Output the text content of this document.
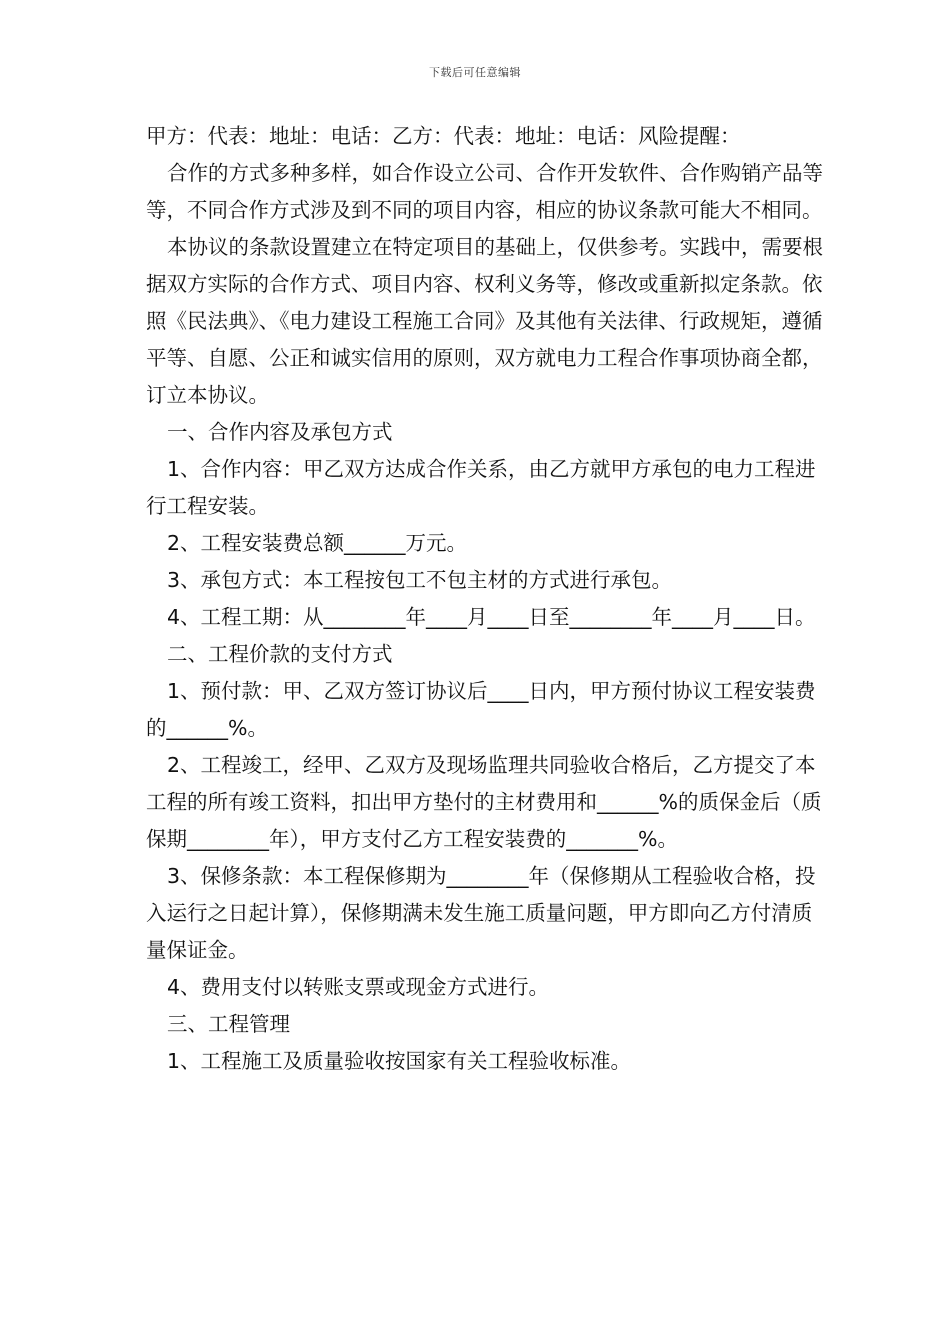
下载后可任意编辑

甲方：代表：地址：电话：乙方：代表：地址：电话：风险提醒：

合作的方式多种多样，如合作设立公司、合作开发软件、合作购销产品等等，不同合作方式涉及到不同的项目内容，相应的协议条款可能大不相同。

本协议的条款设置建立在特定项目的基础上，仅供参考。实践中，需要根据双方实际的合作方式、项目内容、权利义务等，修改或重新拟定条款。依照《民法典》、《电力建设工程施工合同》及其他有关法律、行政规矩，遵循平等、自愿、公正和诚实信用的原则，双方就电力工程合作事项协商全都，订立本协议。

一、合作内容及承包方式

1、合作内容：甲乙双方达成合作关系，由乙方就甲方承包的电力工程进行工程安装。

2、工程安装费总额______万元。

3、承包方式：本工程按包工不包主材的方式进行承包。

4、工程工期：从________年____月____日至________年____月____日。

二、工程价款的支付方式

1、预付款：甲、乙双方签订协议后____日内，甲方预付协议工程安装费的______%。

2、工程竣工，经甲、乙双方及现场监理共同验收合格后，乙方提交了本工程的所有竣工资料，扣出甲方垫付的主材费用和______%的质保金后（质保期________年），甲方支付乙方工程安装费的_______%。

3、保修条款：本工程保修期为________年（保修期从工程验收合格，投入运行之日起计算），保修期满未发生施工质量问题，甲方即向乙方付清质量保证金。

4、费用支付以转账支票或现金方式进行。

三、工程管理

1、工程施工及质量验收按国家有关工程验收标准。
